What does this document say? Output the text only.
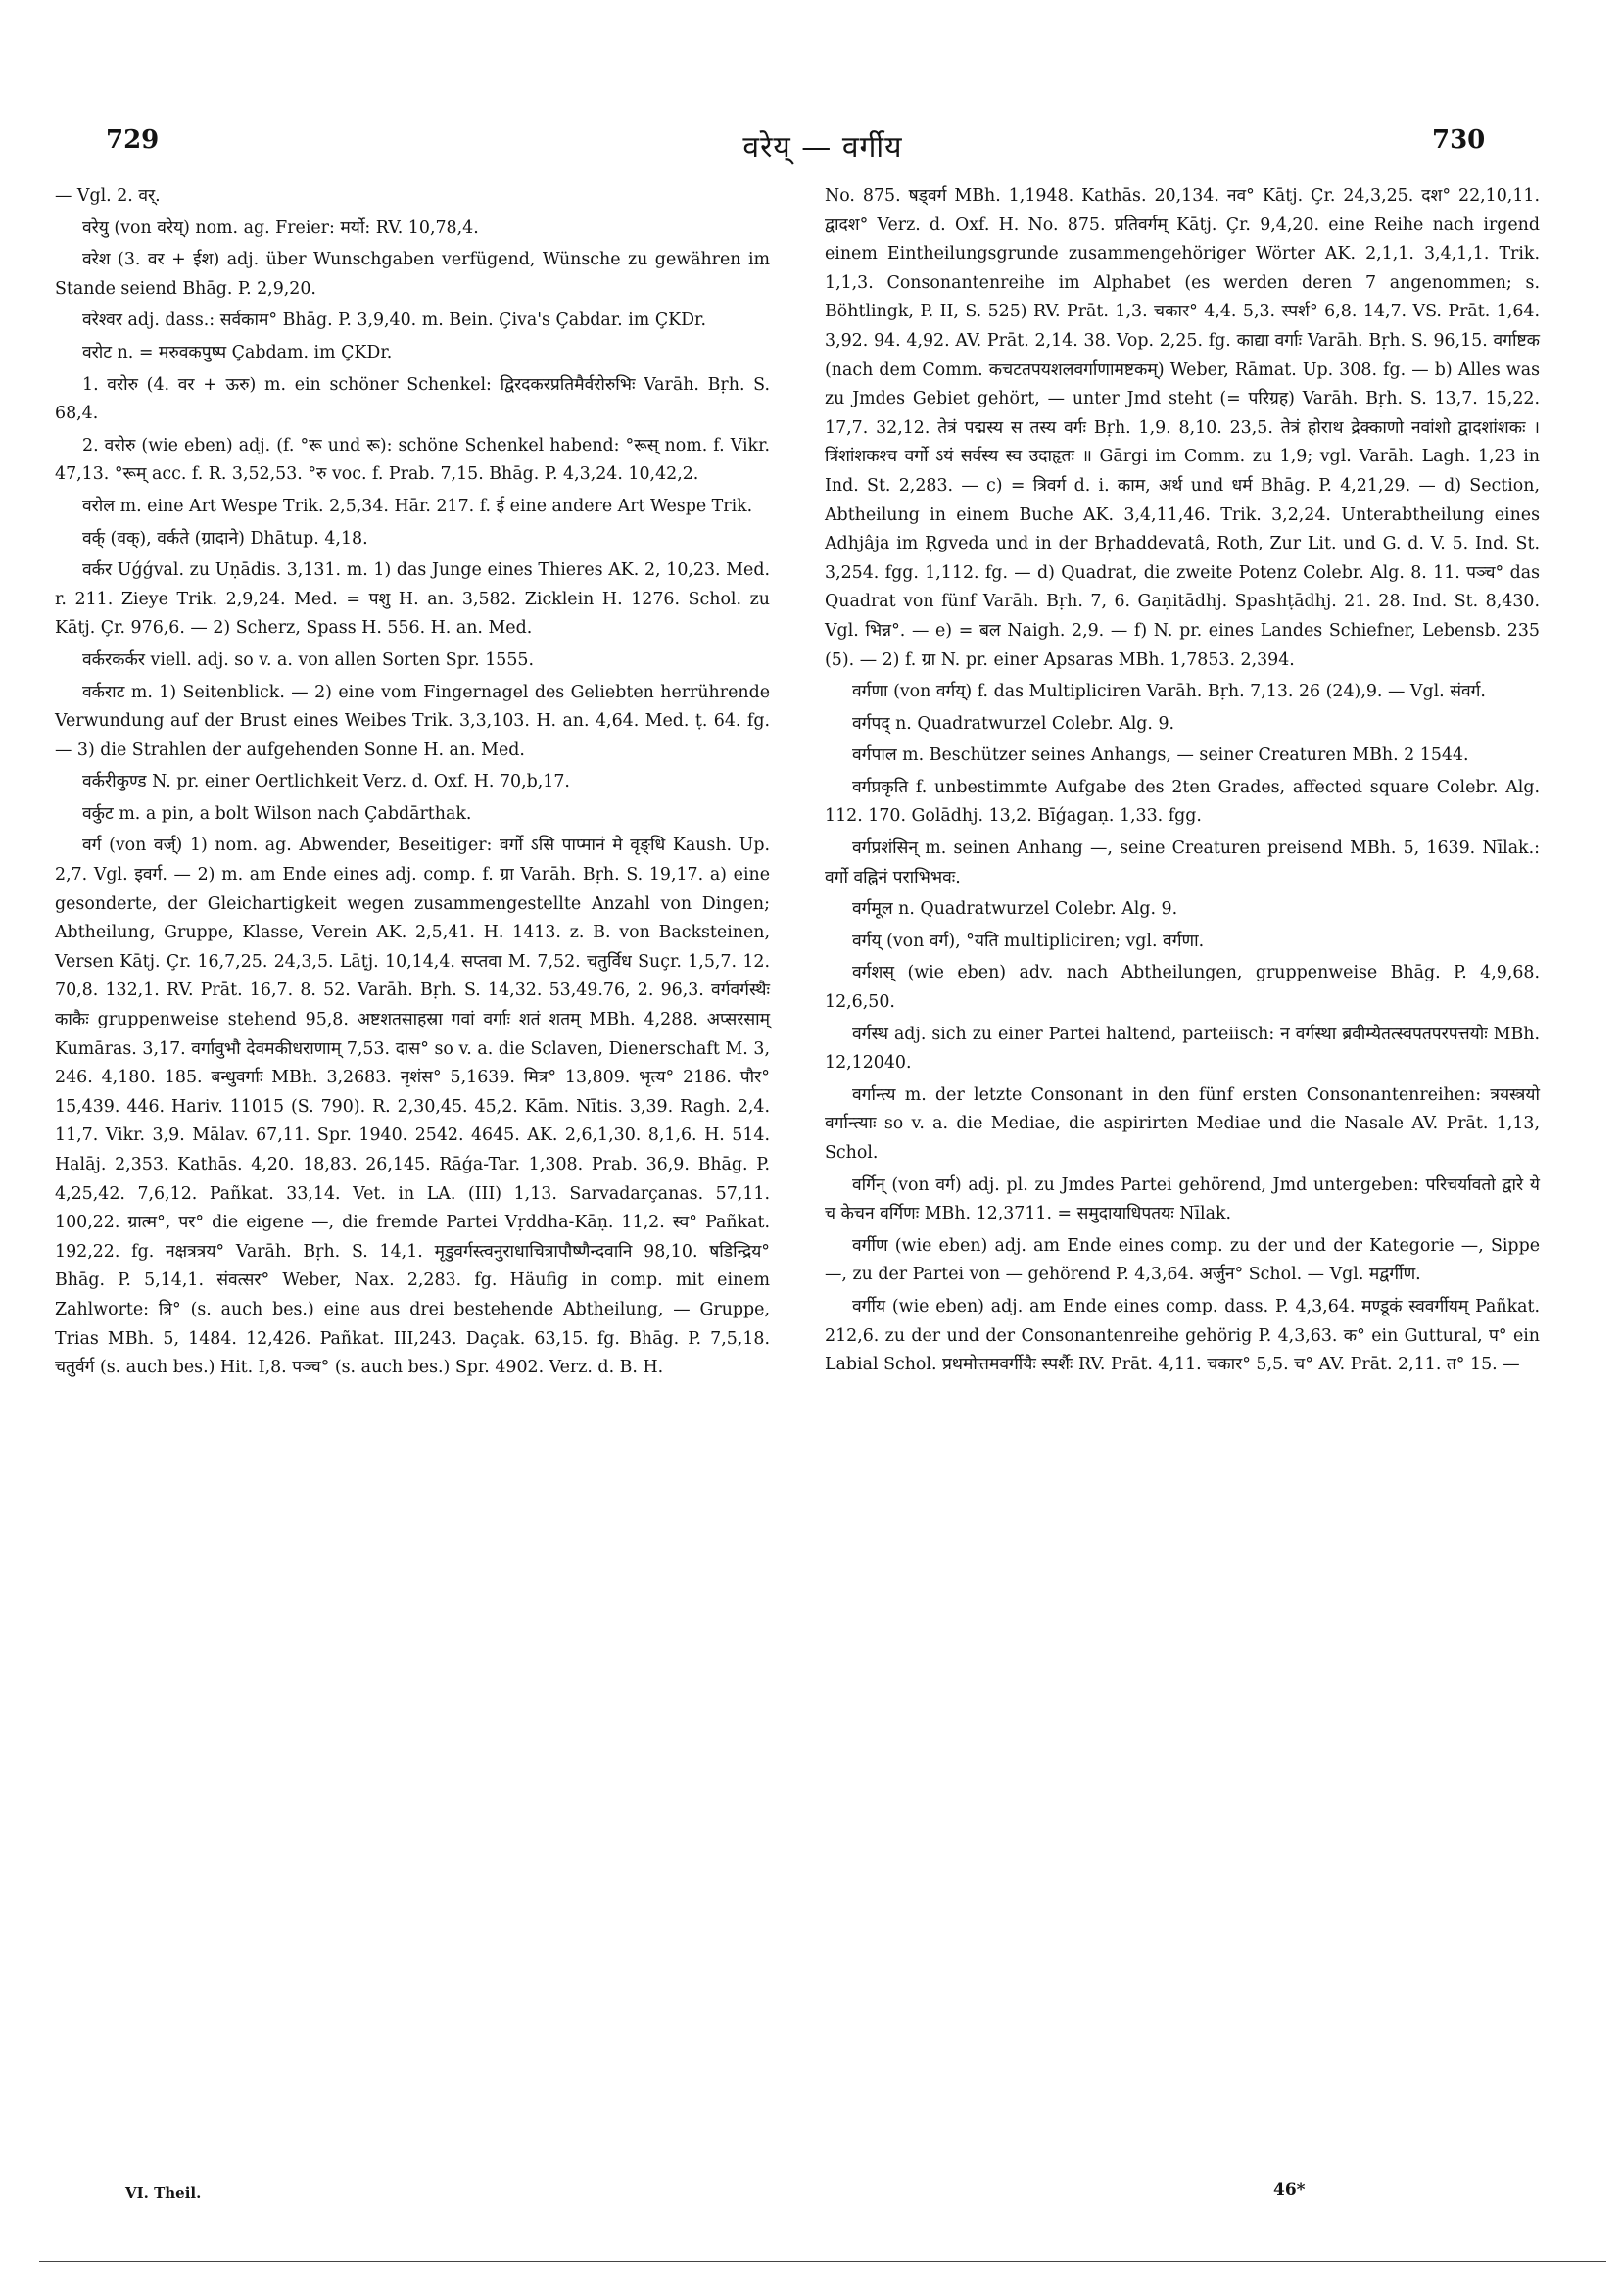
729	वरेय् — वर्गीय	730

— Vgl. 2. वर्.

वरेयु (von वरेय्) nom. ag. Freier: मर्यो: RV. 10,78,4.

वरेश (3. वर + ईश) adj. über Wunschgaben verfügend, Wünsche zu gewähren im Stande seiend Bhāg. P. 2,9,20.

वरेश्वर adj. dass.: सर्वकाम° Bhāg. P. 3,9,40. m. Bein. Çiva's Çabdar. im ÇKDr.

वरोट n. = मरुवकपुष्प Çabdam. im ÇKDr.

1. वरोरु (4. वर + ऊरु) m. ein schöner Schenkel: द्विरदकरप्रतिमैर्वरोरुभिः Varāh. Bṛh. S. 68,4.

2. वरोरु (wie eben) adj. (f. °रू und रू): schöne Schenkel habend: °रूस् nom. f. Vikr. 47,13. °रूम् acc. f. R. 3,52,53. °रु voc. f. Prab. 7,15. Bhāg. P. 4,3,24. 10,42,2.

वरोल m. eine Art Wespe Trik. 2,5,34. Hār. 217. f. ई eine andere Art Wespe Trik.

वर्क् (वक्), वर्कते (ग्रादाने) Dhātup. 4,18.

वर्कर Uǵǵval. zu Uṇādis. 3,131. m. 1) das Junge eines Thieres AK. 2, 10,23. Med. r. 211. Zieye Trik. 2,9,24. Med. = पशु H. an. 3,582. Zicklein H. 1276. Schol. zu Kātj. Çr. 976,6. — 2) Scherz, Spass H. 556. H. an. Med.

वर्करकर्कर viell. adj. so v. a. von allen Sorten Spr. 1555.

वर्कराट m. 1) Seitenblick. — 2) eine vom Fingernagel des Geliebten herrührende Verwundung auf der Brust eines Weibes Trik. 3,3,103. H. an. 4,64. Med. ṭ. 64. fg. — 3) die Strahlen der aufgehenden Sonne H. an. Med.

वर्करीकुण्ड N. pr. einer Oertlichkeit Verz. d. Oxf. H. 70,b,17.

वर्कुट m. a pin, a bolt Wilson nach Çabdārthak.

वर्ग (von वर्ज्) 1) nom. ag. Abwender, Beseitiger: वर्गो ऽसि पाप्मानं मे वृङ्धि Kaush. Up. 2,7. Vgl. इवर्ग. — 2) m. am Ende eines adj. comp. f. ग्रा Varāh. Bṛh. S. 19,17. a) eine gesonderte, der Gleichartigkeit wegen zusammengestellte Anzahl von Dingen; Abtheilung, Gruppe, Klasse, Verein AK. 2,5,41. H. 1413. z. B. von Backsteinen, Versen Kātj. Çr. 16,7,25. 24,3,5. Lāṭj. 10,14,4. सप्तवा M. 7,52. चतुर्विध Suçr. 1,5,7. 12. 70,8. 132,1. RV. Prāt. 16,7. 8. 52. Varāh. Bṛh. S. 14,32. 53,49.76, 2. 96,3. वर्गवर्गस्थैः काकैः gruppenweise stehend 95,8. अष्टशतसाहस्रा गवां वर्गाः शतं शतम् MBh. 4,288. अप्सरसाम् Kumāras. 3,17. वर्गावुभौ देवमकीधराणाम् 7,53. दास° so v. a. die Sclaven, Dienerschaft M. 3, 246. 4,180. 185. बन्धुवर्गाः MBh. 3,2683. नृशंस° 5,1639. मित्र° 13,809. भृत्य° 2186. पौर° 15,439. 446. Hariv. 11015 (S. 790). R. 2,30,45. 45,2. Kām. Nītis. 3,39. Ragh. 2,4. 11,7. Vikr. 3,9. Mālav. 67,11. Spr. 1940. 2542. 4645. AK. 2,6,1,30. 8,1,6. H. 514. Halāj. 2,353. Kathās. 4,20. 18,83. 26,145. Rāǵa-Tar. 1,308. Prab. 36,9. Bhāg. P. 4,25,42. 7,6,12. Pañkat. 33,14. Vet. in LA. (III) 1,13. Sarvadarçanas. 57,11. 100,22. ग्रात्म°, पर° die eigene —, die fremde Partei Vṛddha-Kāṇ. 11,2. स्व° Pañkat. 192,22. fg. नक्षत्रत्रय° Varāh. Bṛh. S. 14,1. मृडुवर्गस्त्वनुराधाचित्रापौष्णैन्दवानि 98,10. षडिन्द्रिय° Bhāg. P. 5,14,1. संवत्सर° Weber, Nax. 2,283. fg. Häufig in comp. mit einem Zahlworte: त्रि° (s. auch bes.) eine aus drei bestehende Abtheilung, — Gruppe, Trias MBh. 5, 1484. 12,426. Pañkat. III,243. Daçak. 63,15. fg. Bhāg. P. 7,5,18. चतुर्वर्ग (s. auch bes.) Hit. I,8. पञ्च° (s. auch bes.) Spr. 4902. Verz. d. B. H.

No. 875. षड्वर्ग MBh. 1,1948. Kathās. 20,134. नव° Kātj. Çr. 24,3,25. दश° 22,10,11. द्वादश° Verz. d. Oxf. H. No. 875. प्रतिवर्गम् Kātj. Çr. 9,4,20. eine Reihe nach irgend einem Eintheilungsgrunde zusammengehöriger Wörter AK. 2,1,1. 3,4,1,1. Trik. 1,1,3. Consonantenreihe im Alphabet (es werden deren 7 angenommen; s. Böhtlingk, P. II, S. 525) RV. Prāt. 1,3. चकार° 4,4. 5,3. स्पर्श° 6,8. 14,7. VS. Prāt. 1,64. 3,92. 94. 4,92. AV. Prāt. 2,14. 38. Vop. 2,25. fg. काद्या वर्गाः Varāh. Bṛh. S. 96,15. वर्गाष्टक (nach dem Comm. कचटतपयशलवर्गाणामष्टकम्) Weber, Rāmat. Up. 308. fg. — b) Alles was zu Jmdes Gebiet gehört, — unter Jmd steht (= परिग्रह) Varāh. Bṛh. S. 13,7. 15,22. 17,7. 32,12. तेत्रं पद्मस्य स तस्य वर्गः Bṛh. 1,9. 8,10. 23,5. तेत्रं होराथ द्रेक्काणो नवांशो द्वादशांशकः । त्रिंशांशकश्च वर्गो ऽयं सर्वस्य स्व उदाहृतः ॥ Gārgi im Comm. zu 1,9; vgl. Varāh. Lagh. 1,23 in Ind. St. 2,283. — c) = त्रिवर्ग d. i. काम, अर्थ und धर्म Bhāg. P. 4,21,29. — d) Section, Abtheilung in einem Buche AK. 3,4,11,46. Trik. 3,2,24. Unterabtheilung eines Adhjâja im Ṛgveda und in der Bṛhaddevatâ, Roth, Zur Lit. und G. d. V. 5. Ind. St. 3,254. fgg. 1,112. fg. — d) Quadrat, die zweite Potenz Colebr. Alg. 8. 11. पञ्च° das Quadrat von fünf Varāh. Bṛh. 7, 6. Gaṇitādhj. Spashṭādhj. 21. 28. Ind. St. 8,430. Vgl. भिन्न°. — e) = बल Naigh. 2,9. — f) N. pr. eines Landes Schiefner, Lebensb. 235 (5). — 2) f. ग्रा N. pr. einer Apsaras MBh. 1,7853. 2,394.

वर्गणा (von वर्गय्) f. das Multipliciren Varāh. Bṛh. 7,13. 26 (24),9. — Vgl. संवर्ग.

वर्गपद् n. Quadratwurzel Colebr. Alg. 9.

वर्गपाल m. Beschützer seines Anhangs, — seiner Creaturen MBh. 2 1544.

वर्गप्रकृति f. unbestimmte Aufgabe des 2ten Grades, affected square Colebr. Alg. 112. 170. Golādhj. 13,2. Bīǵagaṇ. 1,33. fgg.

वर्गप्रशंसिन् m. seinen Anhang —, seine Creaturen preisend MBh. 5, 1639. Nīlak.: वर्गो वह्निनं पराभिभवः.

वर्गमूल n. Quadratwurzel Colebr. Alg. 9.

वर्गय् (von वर्ग), °यति multipliciren; vgl. वर्गणा.

वर्गशस् (wie eben) adv. nach Abtheilungen, gruppenweise Bhāg. P. 4,9,68. 12,6,50.

वर्गस्थ adj. sich zu einer Partei haltend, parteiisch: न वर्गस्था ब्रवीम्येतत्स्वपतपरपत्तयोः MBh. 12,12040.

वर्गान्त्य m. der letzte Consonant in den fünf ersten Consonantenreihen: त्रयस्त्रयो वर्गान्त्याः so v. a. die Mediae, die aspirirten Mediae und die Nasale AV. Prāt. 1,13, Schol.

वर्गिन् (von वर्ग) adj. pl. zu Jmdes Partei gehörend, Jmd untergeben: परिचर्यावतो द्वारे ये च केचन वर्गिणः MBh. 12,3711. = समुदायाधिपतयः Nīlak.

वर्गीण (wie eben) adj. am Ende eines comp. zu der und der Kategorie —, Sippe —, zu der Partei von — gehörend P. 4,3,64. अर्जुन° Schol. — Vgl. मद्वर्गीण.

वर्गीय (wie eben) adj. am Ende eines comp. dass. P. 4,3,64. मण्डूकं स्ववर्गीयम् Pañkat. 212,6. zu der und der Consonantenreihe gehörig P. 4,3,63. क° ein Guttural, प° ein Labial Schol. प्रथमोत्तमवर्गीयैः स्पर्शैः RV. Prāt. 4,11. चकार° 5,5. च° AV. Prāt. 2,11. त° 15. —

VI. Theil.	46*
